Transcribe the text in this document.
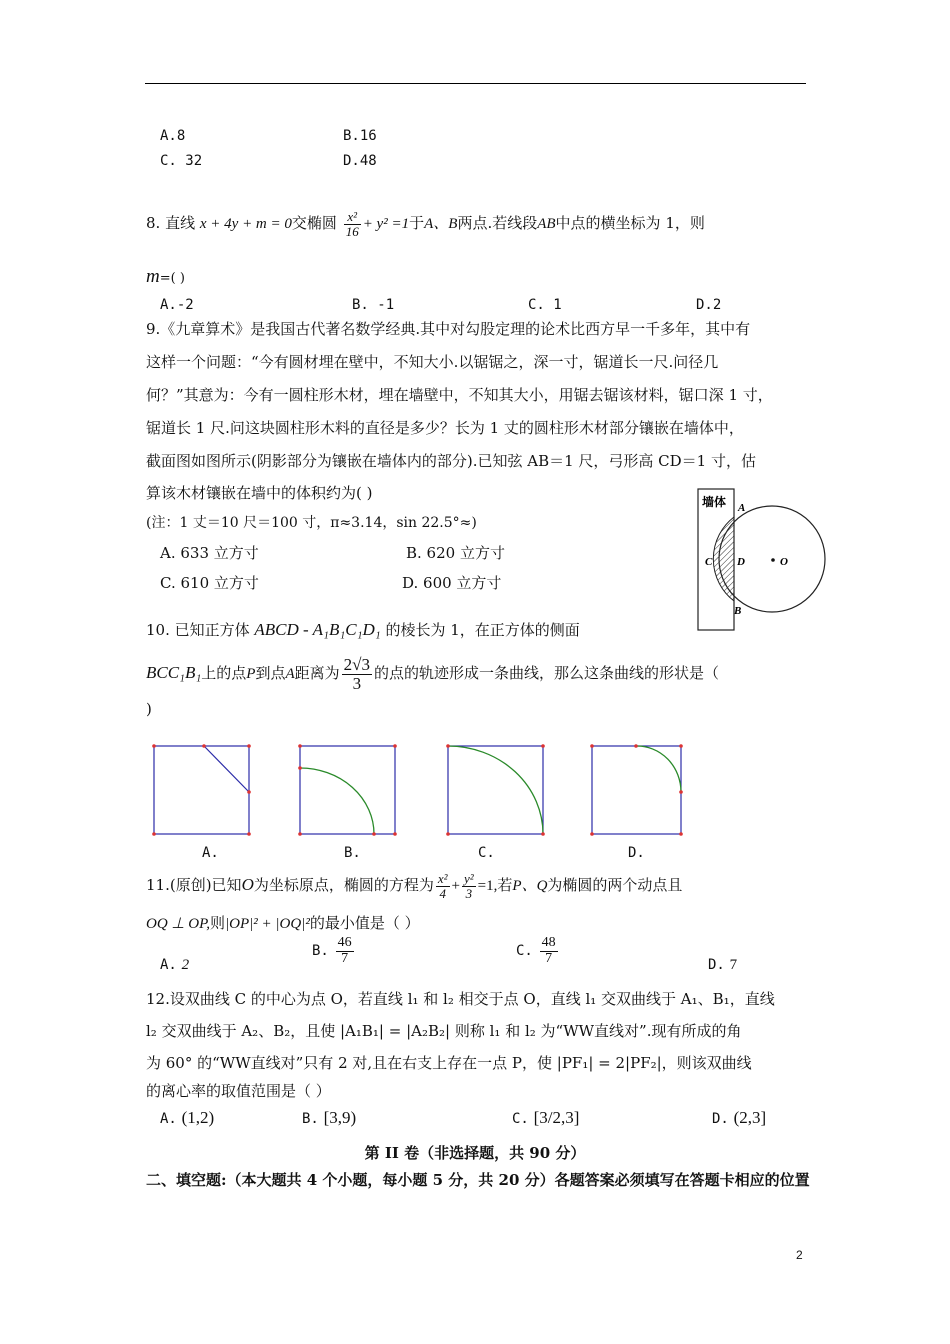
A.8	B.16
C. 32	D.48
8. 直线 x + 4y + m = 0交椭圆 $\frac{\text{x²}}{16} + y^2 =1$于A、B两点.若线段AB中点的横坐标为 1，则
m=( )
A.-2	B. -1	C. 1	D.2
9.《九章算术》是我国古代著名数学经典.其中对勾股定理的论术比西方早一千多年，其中有
这样一个问题：“今有圆材埋在壁中，不知大小.以锯锯之，深一寸，锯道长一尺.问径几
何？”其意为：今有一圆柱形木材，埋在墙壁中，不知其大小，用锯去锯该材料，锯口深 1 寸，
锯道长 1 尺.问这块圆柱形木料的直径是多少？长为 1 丈的圆柱形木材部分镶嵌在墙体中，
截面图如图所示(阴影部分为镶嵌在墙体内的部分).已知弦 AB＝1 尺，弓形高 CD＝1 寸，估
算该木材镶嵌在墙中的体积约为( )
(注：1 丈＝10 尺＝100 寸，π≈3.14，sin 22.5°≈)
A. 633 立方寸	B. 620 立方寸
C. 610 立方寸	D. 600 立方寸
墙体 A
B
C D	O
10. 已知正方体 ABCD - A₁B₁C₁D₁ 的棱长为 1，在正方体的侧面
BCC₁B₁上的点P到点A距离为 $\frac{2√3}{3}$ 的点的轨迹形成一条曲线，那么这条曲线的形状是（
)
A.	B.	C.	D.
11.(原创)已知O为坐标原点，椭圆的方程为 $\frac{\text{x²}}{4} + \frac{\text{y²}}{3} =1$,若P、Q为椭圆的两个动点且
OQ ⊥ OP,则|OP|² + |OQ|²的最小值是（ ）
A. 2
B. $\frac{46}{7}$	C. $\frac{48}{7}$	D. 7
12.设双曲线 C 的中心为点 O，若直线 l₁ 和 l₂ 相交于点 O，直线 l₁ 交双曲线于 A₁、B₁，直线
l₂ 交双曲线于 A₂、B₂，且使 |A₁B₁| = |A₂B₂| 则称 l₁ 和 l₂ 为“WW直线对”.现有所成的角
为 60° 的“WW直线对”只有 2 对,且在右支上存在一点 P，使 |PF₁| = 2|PF₂|，则该双曲线
的离心率的取值范围是（ ）
A. (1,2)	B. [3,9)	C. [3/2,3]	D. (2,3]
第 II 卷（非选择题，共 90 分）
二、填空题:（本大题共 4 个小题，每小题 5 分，共 20 分）各题答案必须填写在答题卡相应的位置
2
